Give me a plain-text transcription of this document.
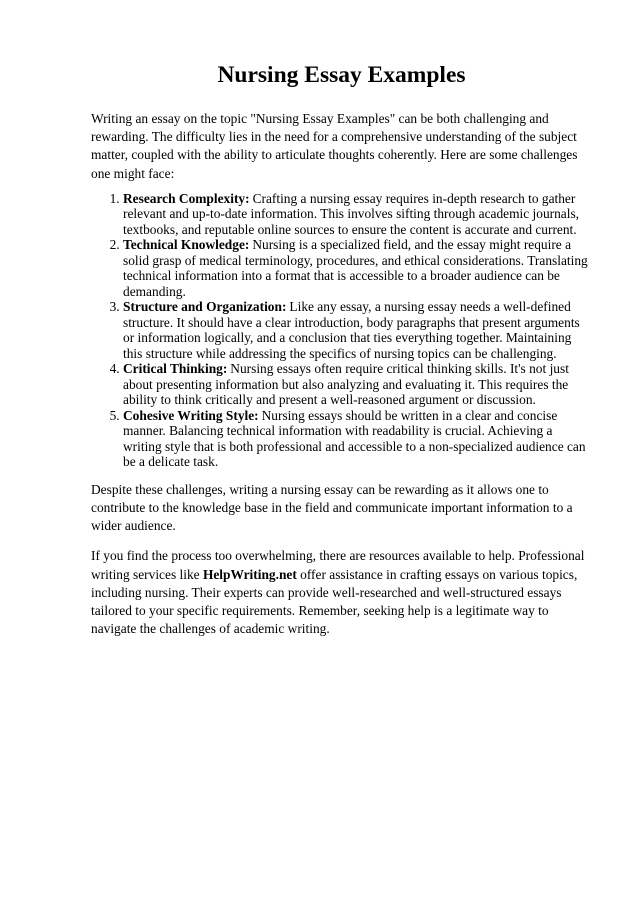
Nursing Essay Examples

Writing an essay on the topic "Nursing Essay Examples" can be both challenging and rewarding. The difficulty lies in the need for a comprehensive understanding of the subject matter, coupled with the ability to articulate thoughts coherently. Here are some challenges one might face:

1. Research Complexity: Crafting a nursing essay requires in-depth research to gather relevant and up-to-date information. This involves sifting through academic journals, textbooks, and reputable online sources to ensure the content is accurate and current.
2. Technical Knowledge: Nursing is a specialized field, and the essay might require a solid grasp of medical terminology, procedures, and ethical considerations. Translating technical information into a format that is accessible to a broader audience can be demanding.
3. Structure and Organization: Like any essay, a nursing essay needs a well-defined structure. It should have a clear introduction, body paragraphs that present arguments or information logically, and a conclusion that ties everything together. Maintaining this structure while addressing the specifics of nursing topics can be challenging.
4. Critical Thinking: Nursing essays often require critical thinking skills. It's not just about presenting information but also analyzing and evaluating it. This requires the ability to think critically and present a well-reasoned argument or discussion.
5. Cohesive Writing Style: Nursing essays should be written in a clear and concise manner. Balancing technical information with readability is crucial. Achieving a writing style that is both professional and accessible to a non-specialized audience can be a delicate task.

Despite these challenges, writing a nursing essay can be rewarding as it allows one to contribute to the knowledge base in the field and communicate important information to a wider audience.

If you find the process too overwhelming, there are resources available to help. Professional writing services like HelpWriting.net offer assistance in crafting essays on various topics, including nursing. Their experts can provide well-researched and well-structured essays tailored to your specific requirements. Remember, seeking help is a legitimate way to navigate the challenges of academic writing.
